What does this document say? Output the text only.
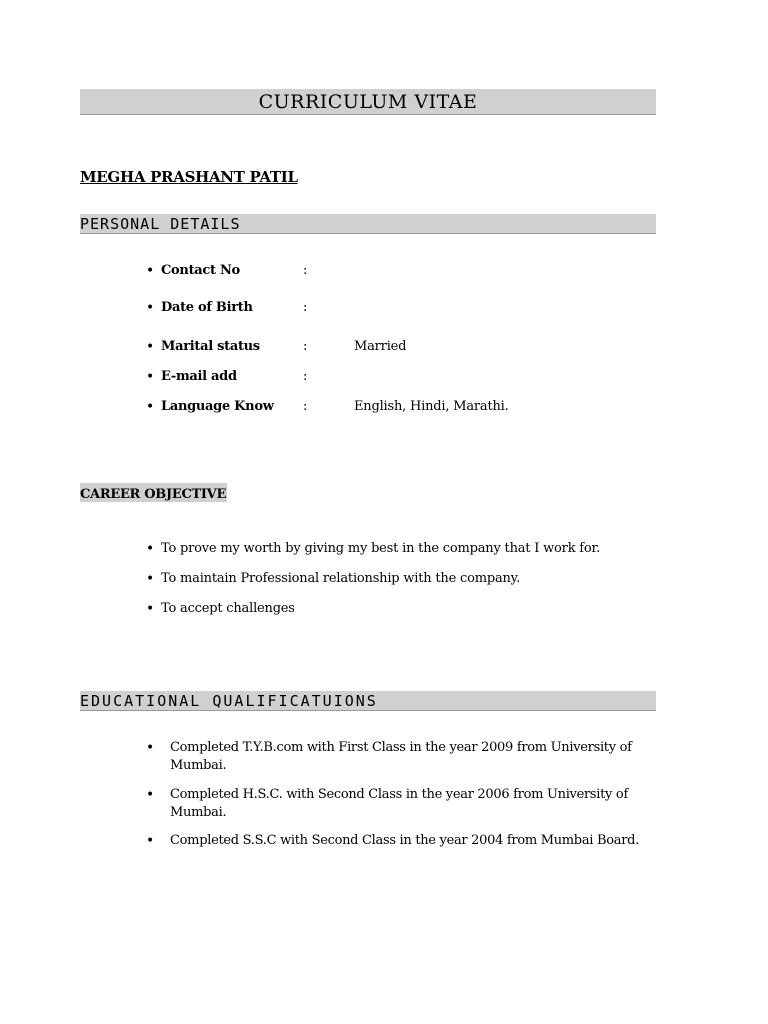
CURRICULUM VITAE
MEGHA PRASHANT PATIL
PERSONAL DETAILS
• Contact No	:
• Date of Birth	:
• Marital status	:	Married
• E-mail add	:
• Language Know :	English, Hindi, Marathi.
CAREER OBJECTIVE
• To prove my worth by giving my best in the company that I work for.
• To maintain Professional relationship with the company.
• To accept challenges
EDUCATIONAL QUALIFICATUIONS
• Completed T.Y.B.com with First Class in the year 2009 from University of Mumbai.
• Completed H.S.C. with Second Class in the year 2006 from University of Mumbai.
• Completed S.S.C with Second Class in the year 2004 from Mumbai Board.
